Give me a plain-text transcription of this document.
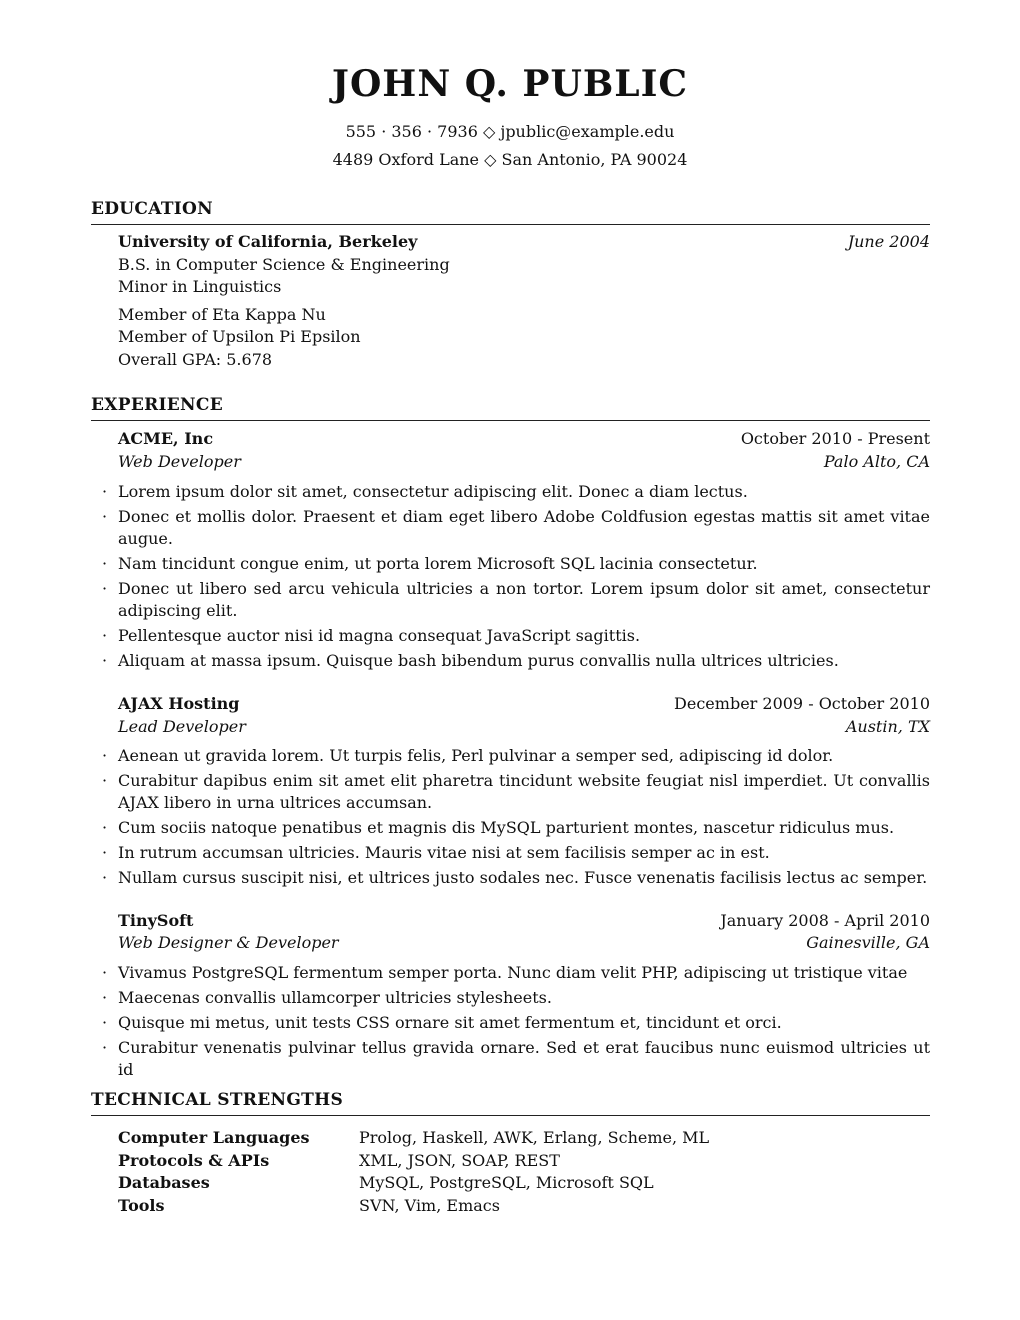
JOHN Q. PUBLIC
555 · 356 · 7936 ◇ jpublic@example.edu
4489 Oxford Lane ◇ San Antonio, PA 90024
EDUCATION
University of California, Berkeley	June 2004
B.S. in Computer Science & Engineering
Minor in Linguistics
Member of Eta Kappa Nu
Member of Upsilon Pi Epsilon
Overall GPA: 5.678
EXPERIENCE
ACME, Inc	October 2010 - Present
Web Developer	Palo Alto, CA
· Lorem ipsum dolor sit amet, consectetur adipiscing elit. Donec a diam lectus.
· Donec et mollis dolor. Praesent et diam eget libero Adobe Coldfusion egestas mattis sit amet vitae augue.
· Nam tincidunt congue enim, ut porta lorem Microsoft SQL lacinia consectetur.
· Donec ut libero sed arcu vehicula ultricies a non tortor. Lorem ipsum dolor sit amet, consectetur adipiscing elit.
· Pellentesque auctor nisi id magna consequat JavaScript sagittis.
· Aliquam at massa ipsum. Quisque bash bibendum purus convallis nulla ultrices ultricies.
AJAX Hosting	December 2009 - October 2010
Lead Developer	Austin, TX
· Aenean ut gravida lorem. Ut turpis felis, Perl pulvinar a semper sed, adipiscing id dolor.
· Curabitur dapibus enim sit amet elit pharetra tincidunt website feugiat nisl imperdiet. Ut convallis AJAX libero in urna ultrices accumsan.
· Cum sociis natoque penatibus et magnis dis MySQL parturient montes, nascetur ridiculus mus.
· In rutrum accumsan ultricies. Mauris vitae nisi at sem facilisis semper ac in est.
· Nullam cursus suscipit nisi, et ultrices justo sodales nec. Fusce venenatis facilisis lectus ac semper.
TinySoft	January 2008 - April 2010
Web Designer & Developer	Gainesville, GA
· Vivamus PostgreSQL fermentum semper porta. Nunc diam velit PHP, adipiscing ut tristique vitae
· Maecenas convallis ullamcorper ultricies stylesheets.
· Quisque mi metus, unit tests CSS ornare sit amet fermentum et, tincidunt et orci.
· Curabitur venenatis pulvinar tellus gravida ornare. Sed et erat faucibus nunc euismod ultricies ut id
TECHNICAL STRENGTHS
Computer Languages	Prolog, Haskell, AWK, Erlang, Scheme, ML
Protocols & APIs	XML, JSON, SOAP, REST
Databases	MySQL, PostgreSQL, Microsoft SQL
Tools	SVN, Vim, Emacs
